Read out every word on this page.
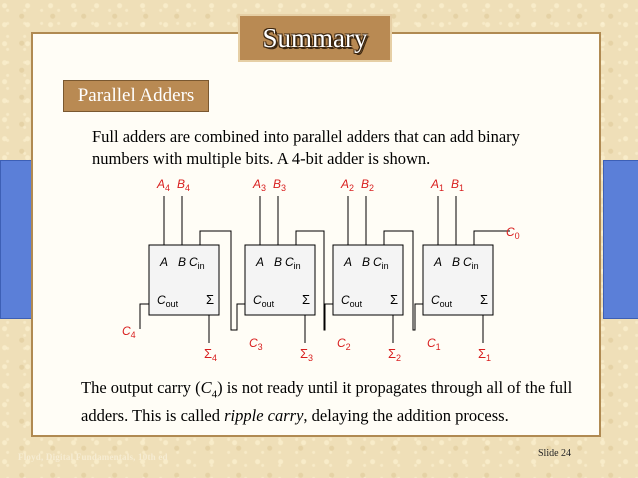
Summary
Parallel Adders
Full adders are combined into parallel adders that can add binary numbers with multiple bits. A 4-bit adder is shown.
A B $C_{in}$
$C_{out}$ Σ
$A_4$ $B_4$
$\Sigma_4$
A B $C_{in}$
$C_{out}$ Σ
$A_3$ $B_3$
$\Sigma_3$
A B $C_{in}$
$C_{out}$ Σ
$A_2$ $B_2$
$\Sigma_2$
A B $C_{in}$
$C_{out}$ Σ
$A_1$ $B_1$
$\Sigma_1$
$C_0$
$C_3$	$C_2$	$C_1$
$C_4$
The output carry $(C_4)$ is not ready until it propagates through all of the full adders. This is called ripple carry, delaying the addition process.
Floyd, Digital Fundamentals, 10th ed	Slide 24
